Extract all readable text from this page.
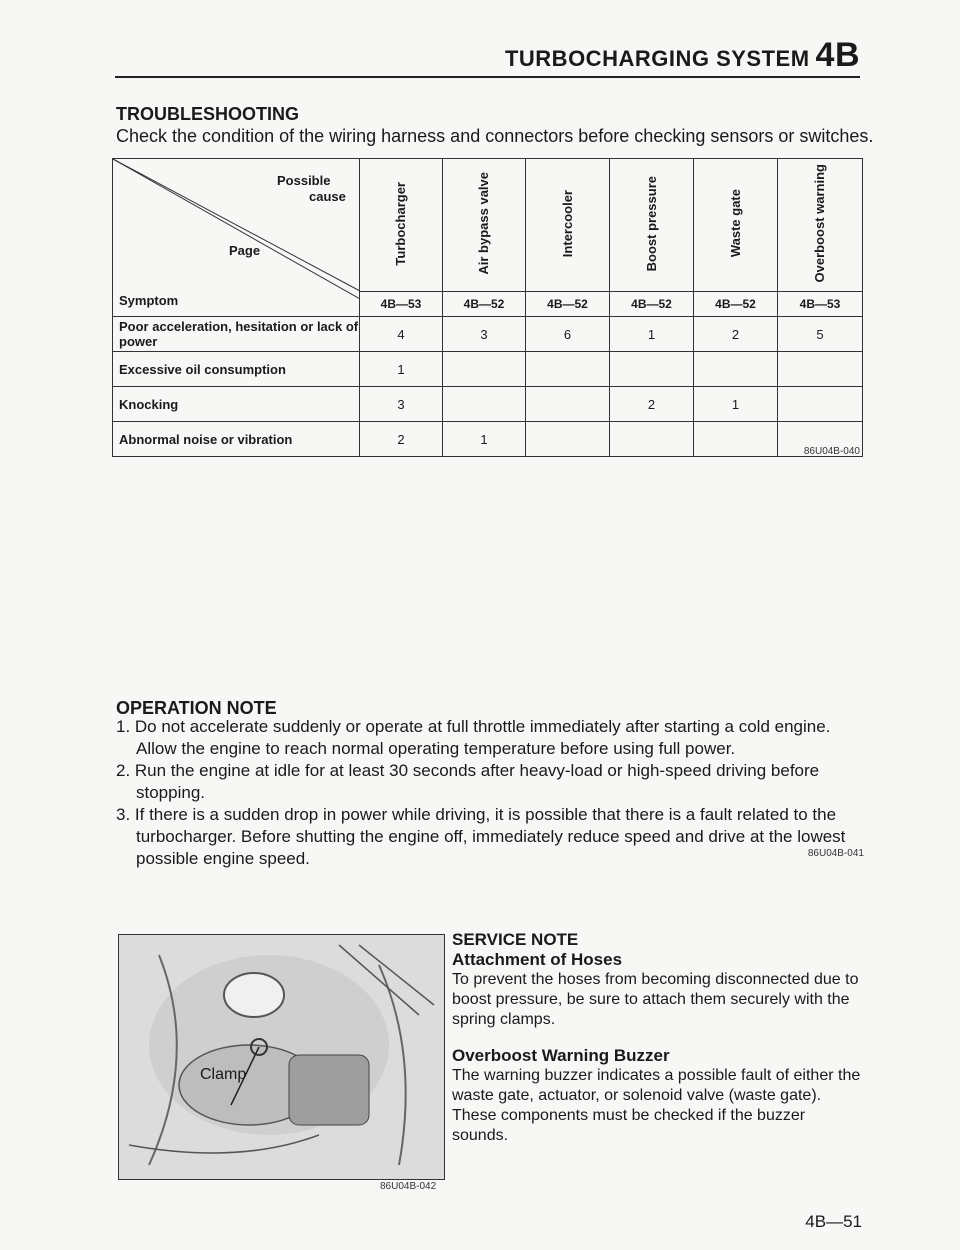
TURBOCHARGING SYSTEM 4B
TROUBLESHOOTING
Check the condition of the wiring harness and connectors before checking sensors or switches.
Possible
cause
Page
Symptom	Turbocharger	Air bypass valve	Intercooler	Boost pressure	Waste gate	Overboost warning
	4B—53	4B—52	4B—52	4B—52	4B—52	4B—53
Poor acceleration, hesitation or lack of power	4	3	6	1	2	5
Excessive oil consumption	1					
Knocking	3			2	1	
Abnormal noise or vibration	2	1				
86U04B-040
OPERATION NOTE
1. Do not accelerate suddenly or operate at full throttle immediately after starting a cold engine. Allow the engine to reach normal operating temperature before using full power.
2. Run the engine at idle for at least 30 seconds after heavy-load or high-speed driving before stopping.
3. If there is a sudden drop in power while driving, it is possible that there is a fault related to the turbocharger. Before shutting the engine off, immediately reduce speed and drive at the lowest possible engine speed.	86U04B-041
Clamp
86U04B-042

SERVICE NOTE

Attachment of Hoses

To prevent the hoses from becoming disconnected due to boost pressure, be sure to attach them securely with the spring clamps.

Overboost Warning Buzzer

The warning buzzer indicates a possible fault of either the waste gate, actuator, or solenoid valve (waste gate). These components must be checked if the buzzer sounds.

4B—51
